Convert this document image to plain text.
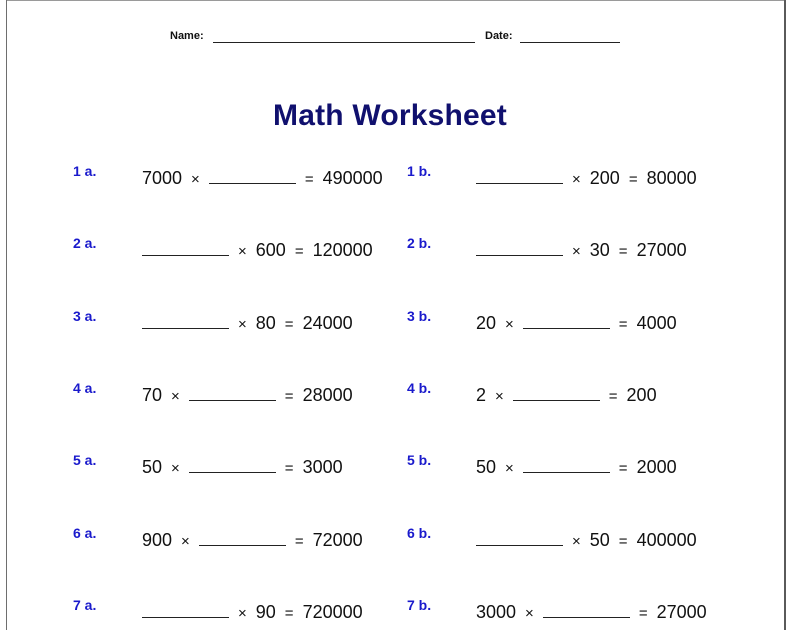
Name:	Date:
Math Worksheet
1 a.	7000 ×	= 490000 1 b.	× 200 = 80000
2 a.	× 600 = 120000 2 b.	× 30 = 27000
3 a.	× 80 = 24000	3 b. 20 ×	= 4000
4 a.	70 ×	= 28000	4 b. 2 ×	= 200
5 a.	50 ×	= 3000	5 b. 50 ×	= 2000
6 a.	900 ×	= 72000	6 b.	× 50 = 400000
7 a.	× 90 = 720000	7 b. 3000 ×	= 27000
